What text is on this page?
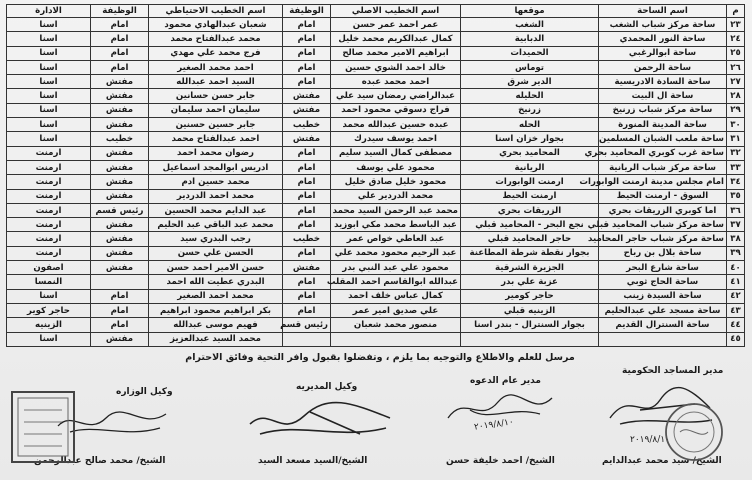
م	اسم الساحة	موقعها	اسم الخطيب الاصلي	الوظيفة	اسم الخطيب الاحتياطي	الوظيفة	الادارة
٢٣	ساحة مركز شباب الشغب	الشغب	عمر احمد عمر حسن	امام	شعبان عبدالهادي محمود	امام	اسنا
٢٤	ساحة النور المحمدي	الدبابية	كمال عبدالكريم محمد خليل	امام	محمد عبدالفتاح محمد	امام	اسنا
٢٥	ساحة ابوالرغبي	الحميدات	ابراهيم الامير محمد صالح	امام	فرج محمد علي مهدي	امام	اسنا
٢٦	ساحة الرحمن	توماس	خالد احمد الشوي حسين	امام	احمد محمد الصغير	امام	اسنا
٢٧	ساحة السادة الادريسية	الدير شرق	احمد محمد عبده	امام	السيد احمد عبدالله	مفتش	اسنا
٢٨	ساحة ال البيت	الحليله	عبدالراضي رمضان سيد علي	مفتش	جابر حسن حسانين	مفتش	اسنا
٢٩	ساحة مركز شباب زرنيخ	زرنيخ	فراج دسوقي محمود احمد	مفتش	سليمان احمد سليمان	مفتش	اسنا
٣٠	ساحة المدينة المنورة	الحله	عبده حسين عبدالله محمد	خطيب	جابر حسين حسنين	مفتش	اسنا
٣١	ساحة ملعب الشبان المسلمين	بجوار خزان اسنا	احمد يوسف سيدرك	مفتش	احمد عبدالفتاح محمد	خطيب	اسنا
٣٢	ساحة غرب كوبري المحاميد بحري	المحاميد بحري	مصطفى كمال السيد سليم	امام	رضوان محمد احمد	مفتش	ارمنت
٣٣	ساحة مركز شباب الريانية	الريانية	محمود علي يوسف	امام	ادريس ابوالمجد اسماعيل	مفتش	ارمنت
٣٤	امام مجلس مدينة ارمنت الوابورات	ارمنت الوابورات	محمود خليل صادق خليل	امام	محمد حسين ادم	مفتش	ارمنت
٣٥	السوق - ارمنت الحيط	ارمنت الحيط	محمد الدردير علي	امام	محمد احمد الدردير	مفتش	ارمنت
٣٦	اما كوبري الزريقات بحري	الزريقات بحري	محمد عبد الرحمن السيد محمد	امام	عبد الدايم محمد الحسين	رئيس قسم	ارمنت
٣٧	ساحة مركز شباب المحاميد قبلي	نجع البحر - المحاميد قبلي	عبد الباسط محمد مكي ابوزيد	امام	محمد عبد الباقي عبد الحليم	مفتش	ارمنت
٣٨	ساحة مركز شباب حاجر المحاميد	حاجر المحاميد قبلي	عبد العاطي خواص عمر	خطيب	رجب البدري سيد	مفتش	ارمنت
٣٩	ساحة بلال بن رباح	بجوار نقطة شرطة المطاعنة	عبد الرحيم محمود محمد علي	امام	الحسن علي حسن	مفتش	ارمنت
٤٠	ساحة شارع البحر	الجزيرة الشرقية	محمود علي عبد النبي بدر	مفتش	حسن الامير احمد حسن	مفتش	اصفون
٤١	ساحة الحاج ثوبي	عزبة علي بدر	عبدالله ابوالقاسم احمد المقلب	امام	البدري عطيت الله احمد		النمسا
٤٢	ساحة السيدة زينب	حاجر كومير	كمال عباس خلف احمد	امام	محمد احمد الصغير	امام	اسنا
٤٣	ساحة مسجد علي عبدالحليم	الزينيه قبلي	علي صديق امير عمر	امام	بكر ابراهيم محمود ابراهيم	امام	حاجر كوير
٤٤	ساحة السنترال القديم	بجوار السنترال - بندر اسنا	منصور محمد شعبان	رئيس قسم	فهيم موسى عبدالله	امام	الزينيه
٤٥					محمد السيد عبدالعزيز	مفتش	اسنا
مرسل للعلم والاطلاع والتوجيه بما يلزم ، وتفضلوا بقبول وافر التحية وفائق الاحترام
مدير المساجد الحكومية
الشيخ/ سيد محمد عبدالدايم
مدير عام الدعوه
الشيخ/ احمد خليفة حسن
وكيل المديريه
الشيخ/السيد مسعد السيد
وكيل الوزاره
الشيخ/ محمد صالح عبدالرحمن
٢٠١٩/٨/١٠
٢٠١٩/٨/١٠
